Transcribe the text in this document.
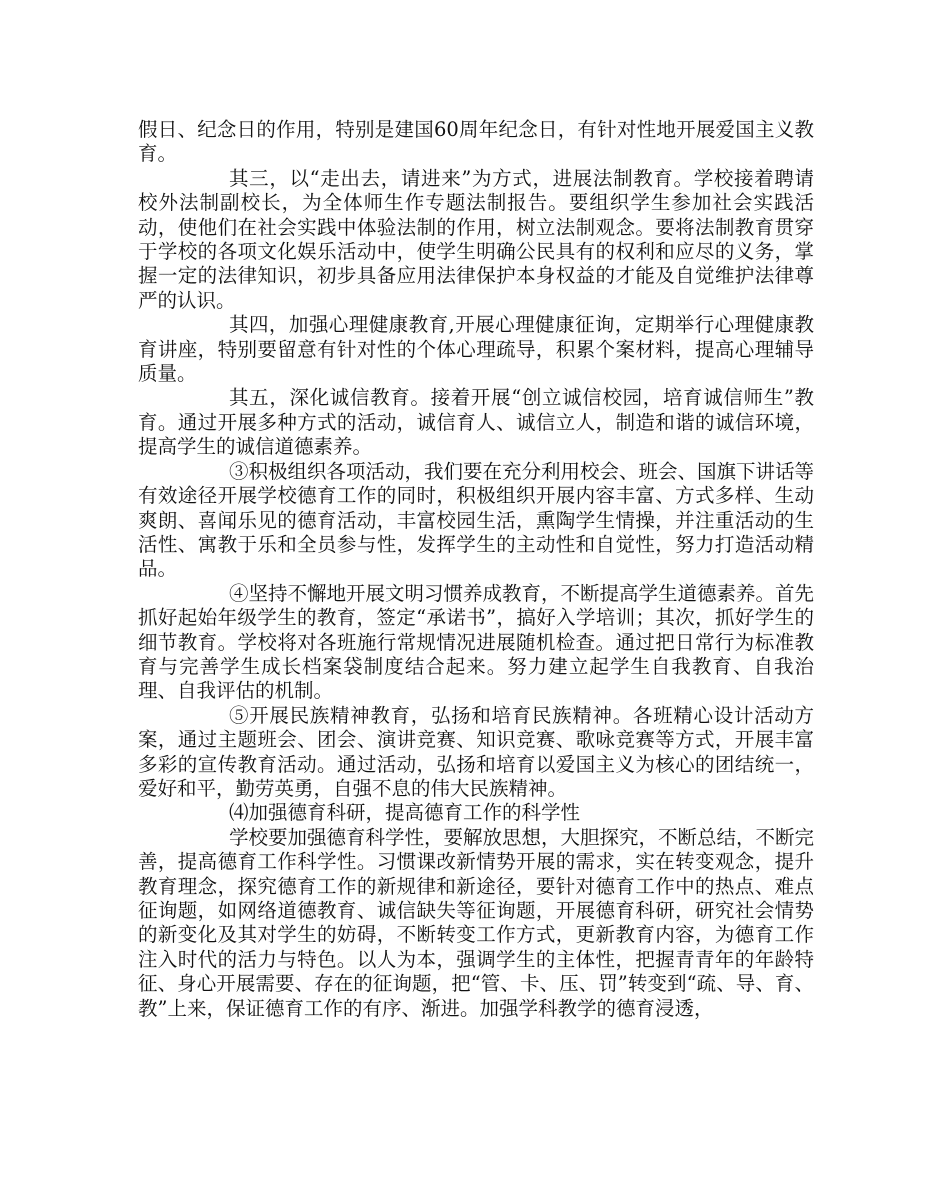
假日、纪念日的作用，特别是建国60周年纪念日，有针对性地开展爱国主义教育。

其三，以“走出去，请进来”为方式，进展法制教育。学校接着聘请校外法制副校长，为全体师生作专题法制报告。要组织学生参加社会实践活动，使他们在社会实践中体验法制的作用，树立法制观念。要将法制教育贯穿于学校的各项文化娱乐活动中，使学生明确公民具有的权利和应尽的义务，掌握一定的法律知识，初步具备应用法律保护本身权益的才能及自觉维护法律尊严的认识。

其四，加强心理健康教育,开展心理健康征询，定期举行心理健康教育讲座，特别要留意有针对性的个体心理疏导，积累个案材料，提高心理辅导质量。

其五，深化诚信教育。接着开展“创立诚信校园，培育诚信师生”教育。通过开展多种方式的活动，诚信育人、诚信立人，制造和谐的诚信环境，提高学生的诚信道德素养。

③积极组织各项活动，我们要在充分利用校会、班会、国旗下讲话等有效途径开展学校德育工作的同时，积极组织开展内容丰富、方式多样、生动爽朗、喜闻乐见的德育活动，丰富校园生活，熏陶学生情操，并注重活动的生活性、寓教于乐和全员参与性，发挥学生的主动性和自觉性，努力打造活动精品。

④坚持不懈地开展文明习惯养成教育，不断提高学生道德素养。首先抓好起始年级学生的教育，签定“承诺书”，搞好入学培训；其次，抓好学生的细节教育。学校将对各班施行常规情况进展随机检查。通过把日常行为标准教育与完善学生成长档案袋制度结合起来。努力建立起学生自我教育、自我治理、自我评估的机制。

⑤开展民族精神教育，弘扬和培育民族精神。各班精心设计活动方案，通过主题班会、团会、演讲竞赛、知识竞赛、歌咏竞赛等方式，开展丰富多彩的宣传教育活动。通过活动，弘扬和培育以爱国主义为核心的团结统一，爱好和平，勤劳英勇，自强不息的伟大民族精神。

⑷加强德育科研，提高德育工作的科学性

学校要加强德育科学性，要解放思想，大胆探究，不断总结，不断完善，提高德育工作科学性。习惯课改新情势开展的需求，实在转变观念，提升教育理念，探究德育工作的新规律和新途径，要针对德育工作中的热点、难点征询题，如网络道德教育、诚信缺失等征询题，开展德育科研，研究社会情势的新变化及其对学生的妨碍，不断转变工作方式，更新教育内容，为德育工作注入时代的活力与特色。以人为本，强调学生的主体性，把握青青年的年龄特征、身心开展需要、存在的征询题，把“管、卡、压、罚”转变到“疏、导、育、教”上来，保证德育工作的有序、渐进。加强学科教学的德育浸透，
